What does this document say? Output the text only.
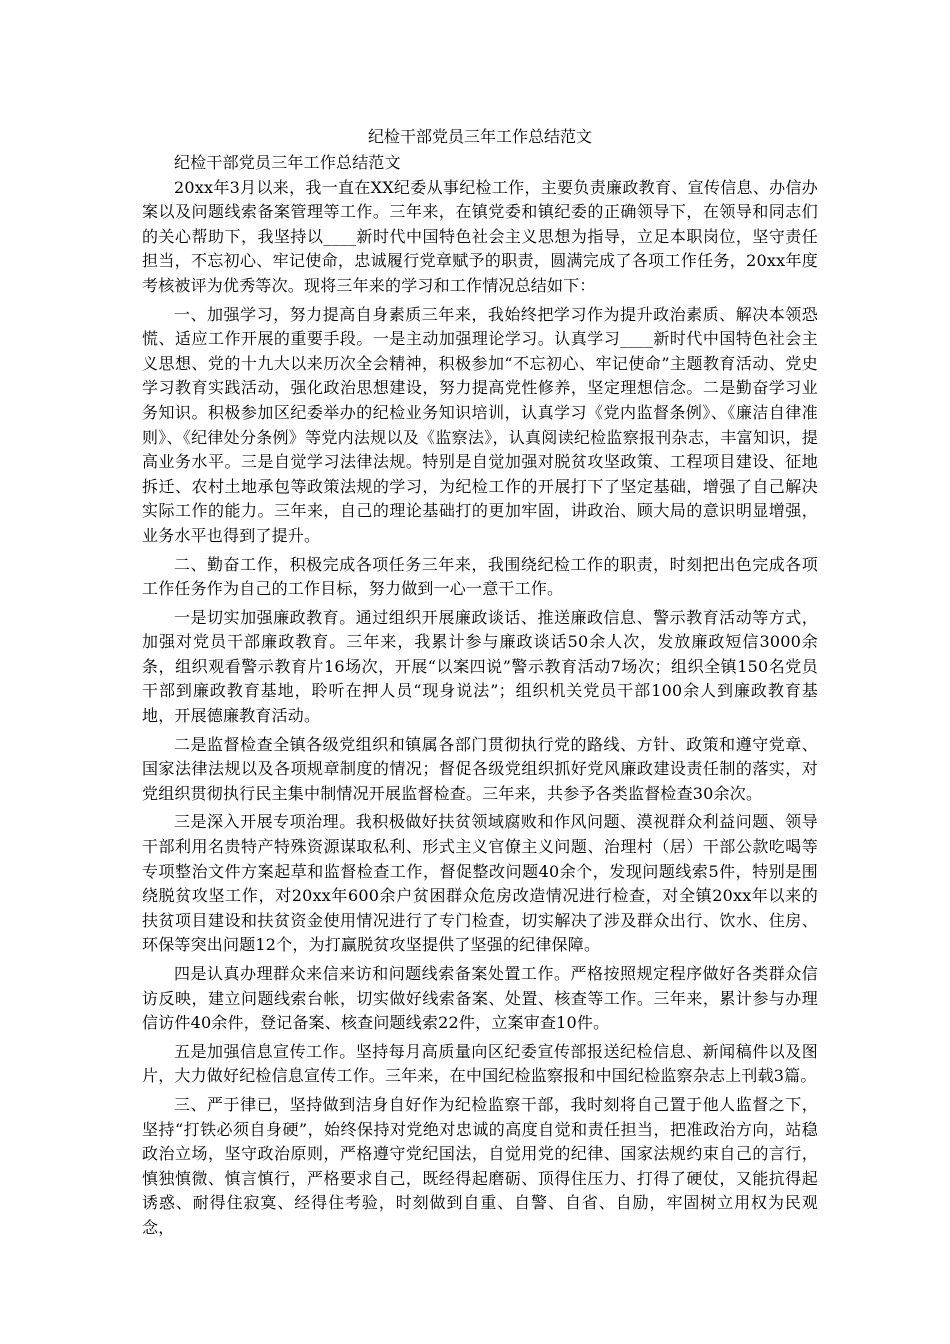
纪检干部党员三年工作总结范文

纪检干部党员三年工作总结范文

20xx年3月以来，我一直在XX纪委从事纪检工作，主要负责廉政教育、宣传信息、办信办案以及问题线索备案管理等工作。三年来，在镇党委和镇纪委的正确领导下，在领导和同志们的关心帮助下，我坚持以____新时代中国特色社会主义思想为指导，立足本职岗位，坚守责任担当，不忘初心、牢记使命，忠诚履行党章赋予的职责，圆满完成了各项工作任务，20xx年度考核被评为优秀等次。现将三年来的学习和工作情况总结如下：

一、加强学习，努力提高自身素质三年来，我始终把学习作为提升政治素质、解决本领恐慌、适应工作开展的重要手段。一是主动加强理论学习。认真学习____新时代中国特色社会主义思想、党的十九大以来历次全会精神，积极参加“不忘初心、牢记使命”主题教育活动、党史学习教育实践活动，强化政治思想建设，努力提高党性修养，坚定理想信念。二是勤奋学习业务知识。积极参加区纪委举办的纪检业务知识培训，认真学习《党内监督条例》、《廉洁自律准则》、《纪律处分条例》等党内法规以及《监察法》，认真阅读纪检监察报刊杂志，丰富知识，提高业务水平。三是自觉学习法律法规。特别是自觉加强对脱贫攻坚政策、工程项目建设、征地拆迁、农村土地承包等政策法规的学习，为纪检工作的开展打下了坚定基础，增强了自己解决实际工作的能力。三年来，自己的理论基础打的更加牢固，讲政治、顾大局的意识明显增强，业务水平也得到了提升。

二、勤奋工作，积极完成各项任务三年来，我围绕纪检工作的职责，时刻把出色完成各项工作任务作为自己的工作目标，努力做到一心一意干工作。

一是切实加强廉政教育。通过组织开展廉政谈话、推送廉政信息、警示教育活动等方式，加强对党员干部廉政教育。三年来，我累计参与廉政谈话50余人次，发放廉政短信3000余条，组织观看警示教育片16场次，开展“以案四说”警示教育活动7场次；组织全镇150名党员干部到廉政教育基地，聆听在押人员“现身说法”；组织机关党员干部100余人到廉政教育基地，开展德廉教育活动。

二是监督检查全镇各级党组织和镇属各部门贯彻执行党的路线、方针、政策和遵守党章、国家法律法规以及各项规章制度的情况；督促各级党组织抓好党风廉政建设责任制的落实，对党组织贯彻执行民主集中制情况开展监督检查。三年来，共参予各类监督检查30余次。

三是深入开展专项治理。我积极做好扶贫领域腐败和作风问题、漠视群众利益问题、领导干部利用名贵特产特殊资源谋取私利、形式主义官僚主义问题、治理村（居）干部公款吃喝等专项整治文件方案起草和监督检查工作，督促整改问题40余个，发现问题线索5件，特别是围绕脱贫攻坚工作，对20xx年600余户贫困群众危房改造情况进行检查，对全镇20xx年以来的扶贫项目建设和扶贫资金使用情况进行了专门检查，切实解决了涉及群众出行、饮水、住房、环保等突出问题12个，为打赢脱贫攻坚提供了坚强的纪律保障。

四是认真办理群众来信来访和问题线索备案处置工作。严格按照规定程序做好各类群众信访反映，建立问题线索台帐，切实做好线索备案、处置、核查等工作。三年来，累计参与办理信访件40余件，登记备案、核查问题线索22件，立案审查10件。

五是加强信息宣传工作。坚持每月高质量向区纪委宣传部报送纪检信息、新闻稿件以及图片，大力做好纪检信息宣传工作。三年来，在中国纪检监察报和中国纪检监察杂志上刊载3篇。

三、严于律已，坚持做到洁身自好作为纪检监察干部，我时刻将自己置于他人监督之下，坚持“打铁必须自身硬”，始终保持对党绝对忠诚的高度自觉和责任担当，把准政治方向，站稳政治立场，坚守政治原则，严格遵守党纪国法，自觉用党的纪律、国家法规约束自己的言行，慎独慎微、慎言慎行，严格要求自己，既经得起磨砺、顶得住压力、打得了硬仗，又能抗得起诱惑、耐得住寂寞、经得住考验，时刻做到自重、自警、自省、自励，牢固树立用权为民观念，
